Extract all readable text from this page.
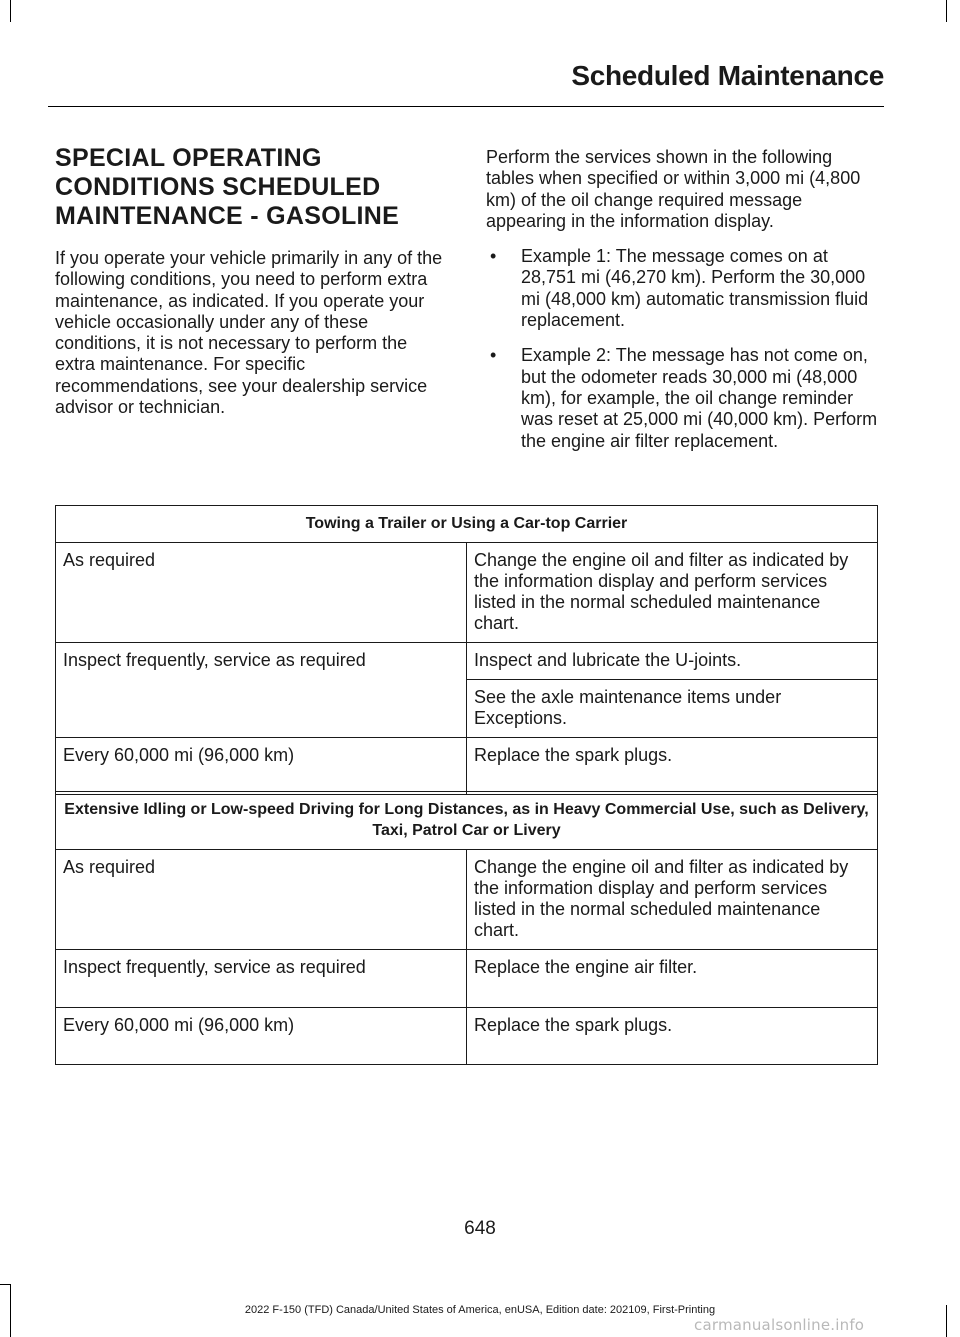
Scheduled Maintenance
SPECIAL OPERATING
CONDITIONS SCHEDULED
MAINTENANCE - GASOLINE

If you operate your vehicle primarily in any of the following conditions, you need to perform extra maintenance, as indicated. If you operate your vehicle occasionally under any of these conditions, it is not necessary to perform the extra maintenance. For specific recommendations, see your dealership service advisor or technician.

Perform the services shown in the following tables when specified or within 3,000 mi (4,800 km) of the oil change required message appearing in the information display.

• Example 1: The message comes on at 28,751 mi (46,270 km). Perform the 30,000 mi (48,000 km) automatic transmission fluid replacement.
• Example 2: The message has not come on, but the odometer reads 30,000 mi (48,000 km), for example, the oil change reminder was reset at 25,000 mi (40,000 km). Perform the engine air filter replacement.
Towing a Trailer or Using a Car-top Carrier	
As required	Change the engine oil and filter as indicated by the information display and perform services listed in the normal scheduled maintenance chart.
Inspect frequently, service as required	Inspect and lubricate the U-joints.
	See the axle maintenance items under Exceptions.
Every 60,000 mi (96,000 km)	Replace the spark plugs.
Extensive Idling or Low-speed Driving for Long Distances, as in Heavy Commercial Use, such as Delivery, Taxi, Patrol Car or Livery	
As required	Change the engine oil and filter as indicated by the information display and perform services listed in the normal scheduled maintenance chart.
Inspect frequently, service as required	Replace the engine air filter.
Every 60,000 mi (96,000 km)	Replace the spark plugs.
648
2022 F-150 (TFD) Canada/United States of America, enUSA, Edition date: 202109, First-Printing
carmanualsonline.info
